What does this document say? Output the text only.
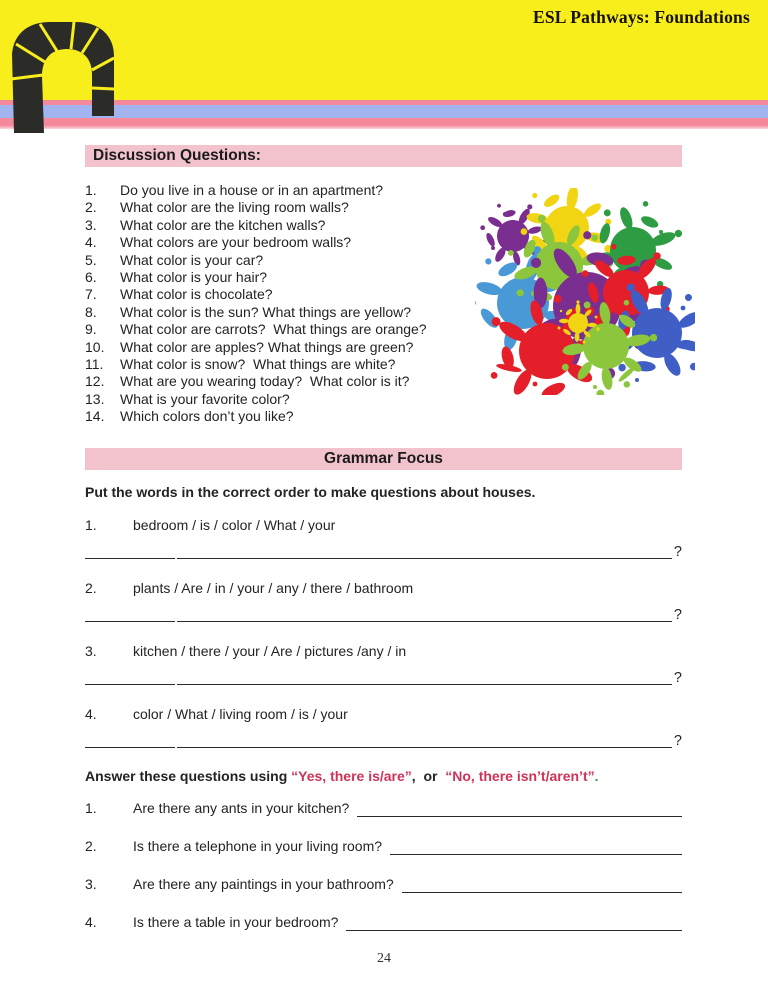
ESL Pathways: Foundations
Discussion Questions:
1.	Do you live in a house or in an apartment?
2.	What color are the living room walls?
3.	What color are the kitchen walls?
4.	What colors are your bedroom walls?
5.	What color is your car?
6.	What color is your hair?
7.	What color is chocolate?
8.	What color is the sun? What things are yellow?
9.	What color are carrots?  What things are orange?
10.	What color are apples? What things are green?
11.	What color is snow?  What things are white?
12.	What are you wearing today?  What color is it?
13.	What is your favorite color?
14.	Which colors don’t you like?
Grammar Focus
Put the words in the correct order to make questions about houses.
1.	bedroom / is / color / What / your
?
2.	plants / Are / in / your / any / there / bathroom
?
3.	kitchen / there / your / Are / pictures /any / in
?
4.	color / What / living room / is / your
?
Answer these questions using “Yes, there is/are”,  or  “No, there isn’t/aren’t”.
1.	Are there any ants in your kitchen?
2.	Is there a telephone in your living room?
3.	Are there any paintings in your bathroom?
4.	Is there a table in your bedroom?
24
